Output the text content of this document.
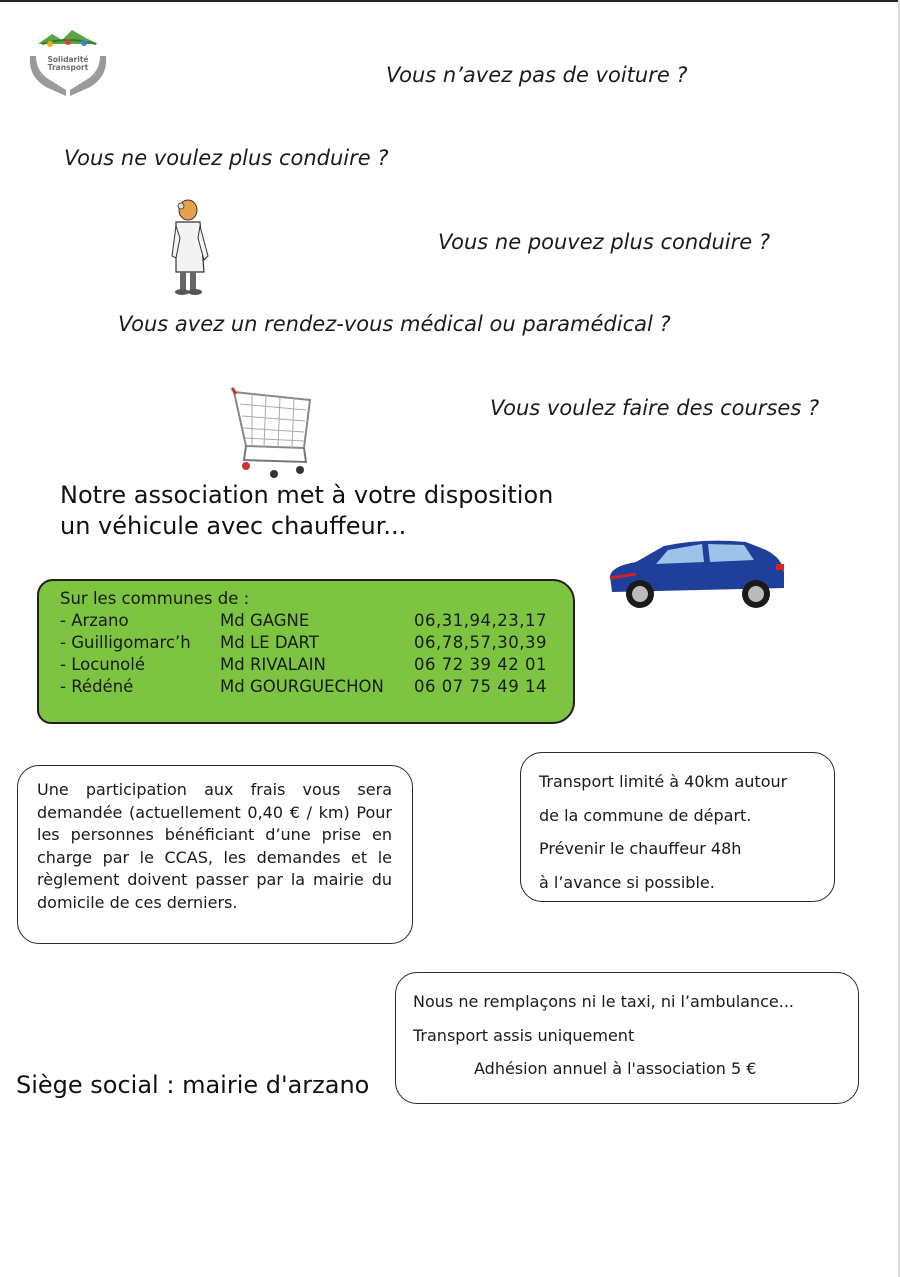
Solidarité
Transport	Vous n’avez pas de voiture ?
Vous ne voulez plus conduire ?
Vous ne pouvez plus conduire ?
Vous avez un rendez-vous médical ou paramédical ?
Vous voulez faire des courses ?
Notre association met à votre disposition
un véhicule avec chauffeur...
Sur les communes de :
- Arzano	Md GAGNE	06,31,94,23,17
- Guilligomarc’h Md LE DART	06,78,57,30,39
- Locunolé	Md RIVALAIN	06 72 39 42 01
- Rédéné	Md GOURGUECHON 06 07 75 49 14

Une participation aux frais vous sera demandée (actuellement 0,40 € / km) Pour les personnes bénéficiant d’une prise en charge par le CCAS, les demandes et le règlement doivent passer par la mairie du domicile de ces derniers.

Transport limité à 40km autour

de la commune de départ.

Prévenir le chauffeur 48h

à l’avance si possible.

Nous ne remplaçons ni le taxi, ni l’ambulance...

Transport assis uniquement

Adhésion annuel à l'association 5 €

Siège social : mairie d'arzano
